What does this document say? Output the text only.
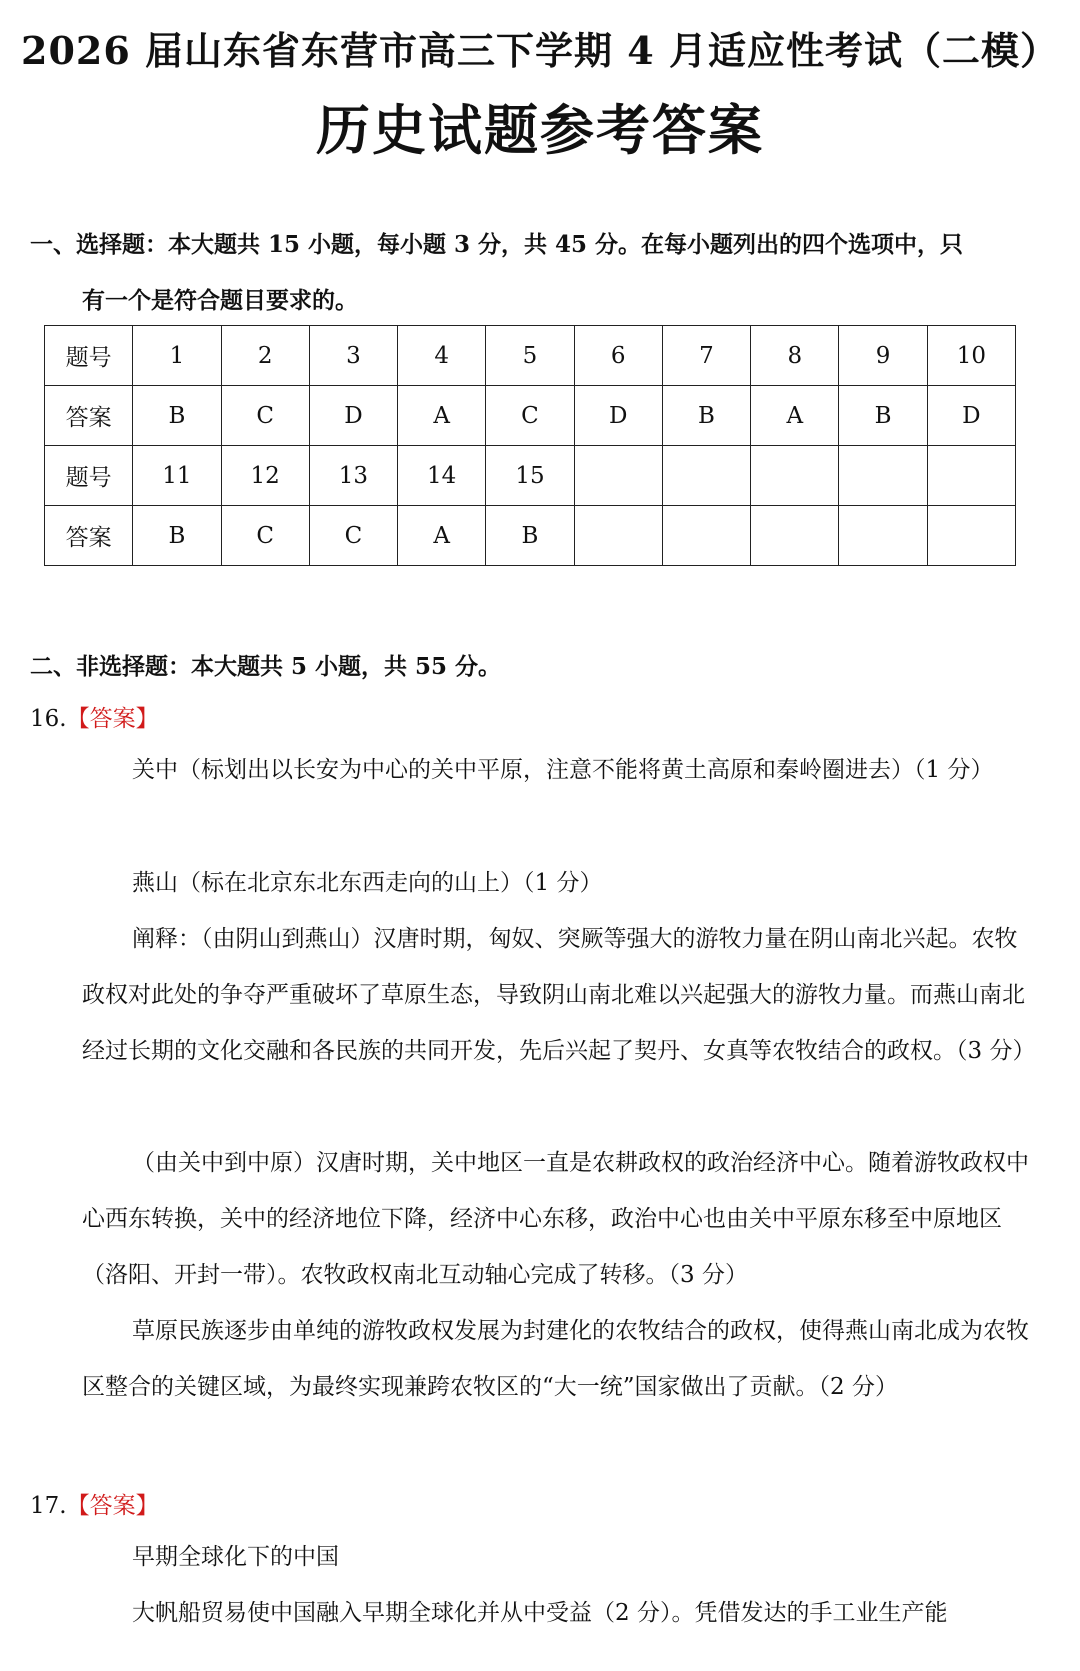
2026 届山东省东营市高三下学期 4 月适应性考试（二模）
历史试题参考答案
一、选择题：本大题共 15 小题，每小题 3 分，共 45 分。在每小题列出的四个选项中，只
有一个是符合题目要求的。
题号	1	2	3	4	5	6	7	8	9	10
答案	B	C	D	A	C	D	B	A	B	D
题号	11	12	13	14	15					
答案	B	C	C	A	B					
二、非选择题：本大题共 5 小题，共 55 分。
16.【答案】
关中（标划出以长安为中心的关中平原，注意不能将黄土高原和秦岭圈进去）（1 分）
燕山（标在北京东北东西走向的山上）（1 分）
阐释：（由阴山到燕山）汉唐时期，匈奴、突厥等强大的游牧力量在阴山南北兴起。农牧政权对此处的争夺严重破坏了草原生态，导致阴山南北难以兴起强大的游牧力量。而燕山南北经过长期的文化交融和各民族的共同开发，先后兴起了契丹、女真等农牧结合的政权。（3 分）
（由关中到中原）汉唐时期，关中地区一直是农耕政权的政治经济中心。随着游牧政权中心西东转换，关中的经济地位下降，经济中心东移，政治中心也由关中平原东移至中原地区（洛阳、开封一带）。农牧政权南北互动轴心完成了转移。（3 分）
草原民族逐步由单纯的游牧政权发展为封建化的农牧结合的政权，使得燕山南北成为农牧区整合的关键区域，为最终实现兼跨农牧区的“大一统”国家做出了贡献。（2 分）
17.【答案】
早期全球化下的中国
大帆船贸易使中国融入早期全球化并从中受益（2 分）。凭借发达的手工业生产能
